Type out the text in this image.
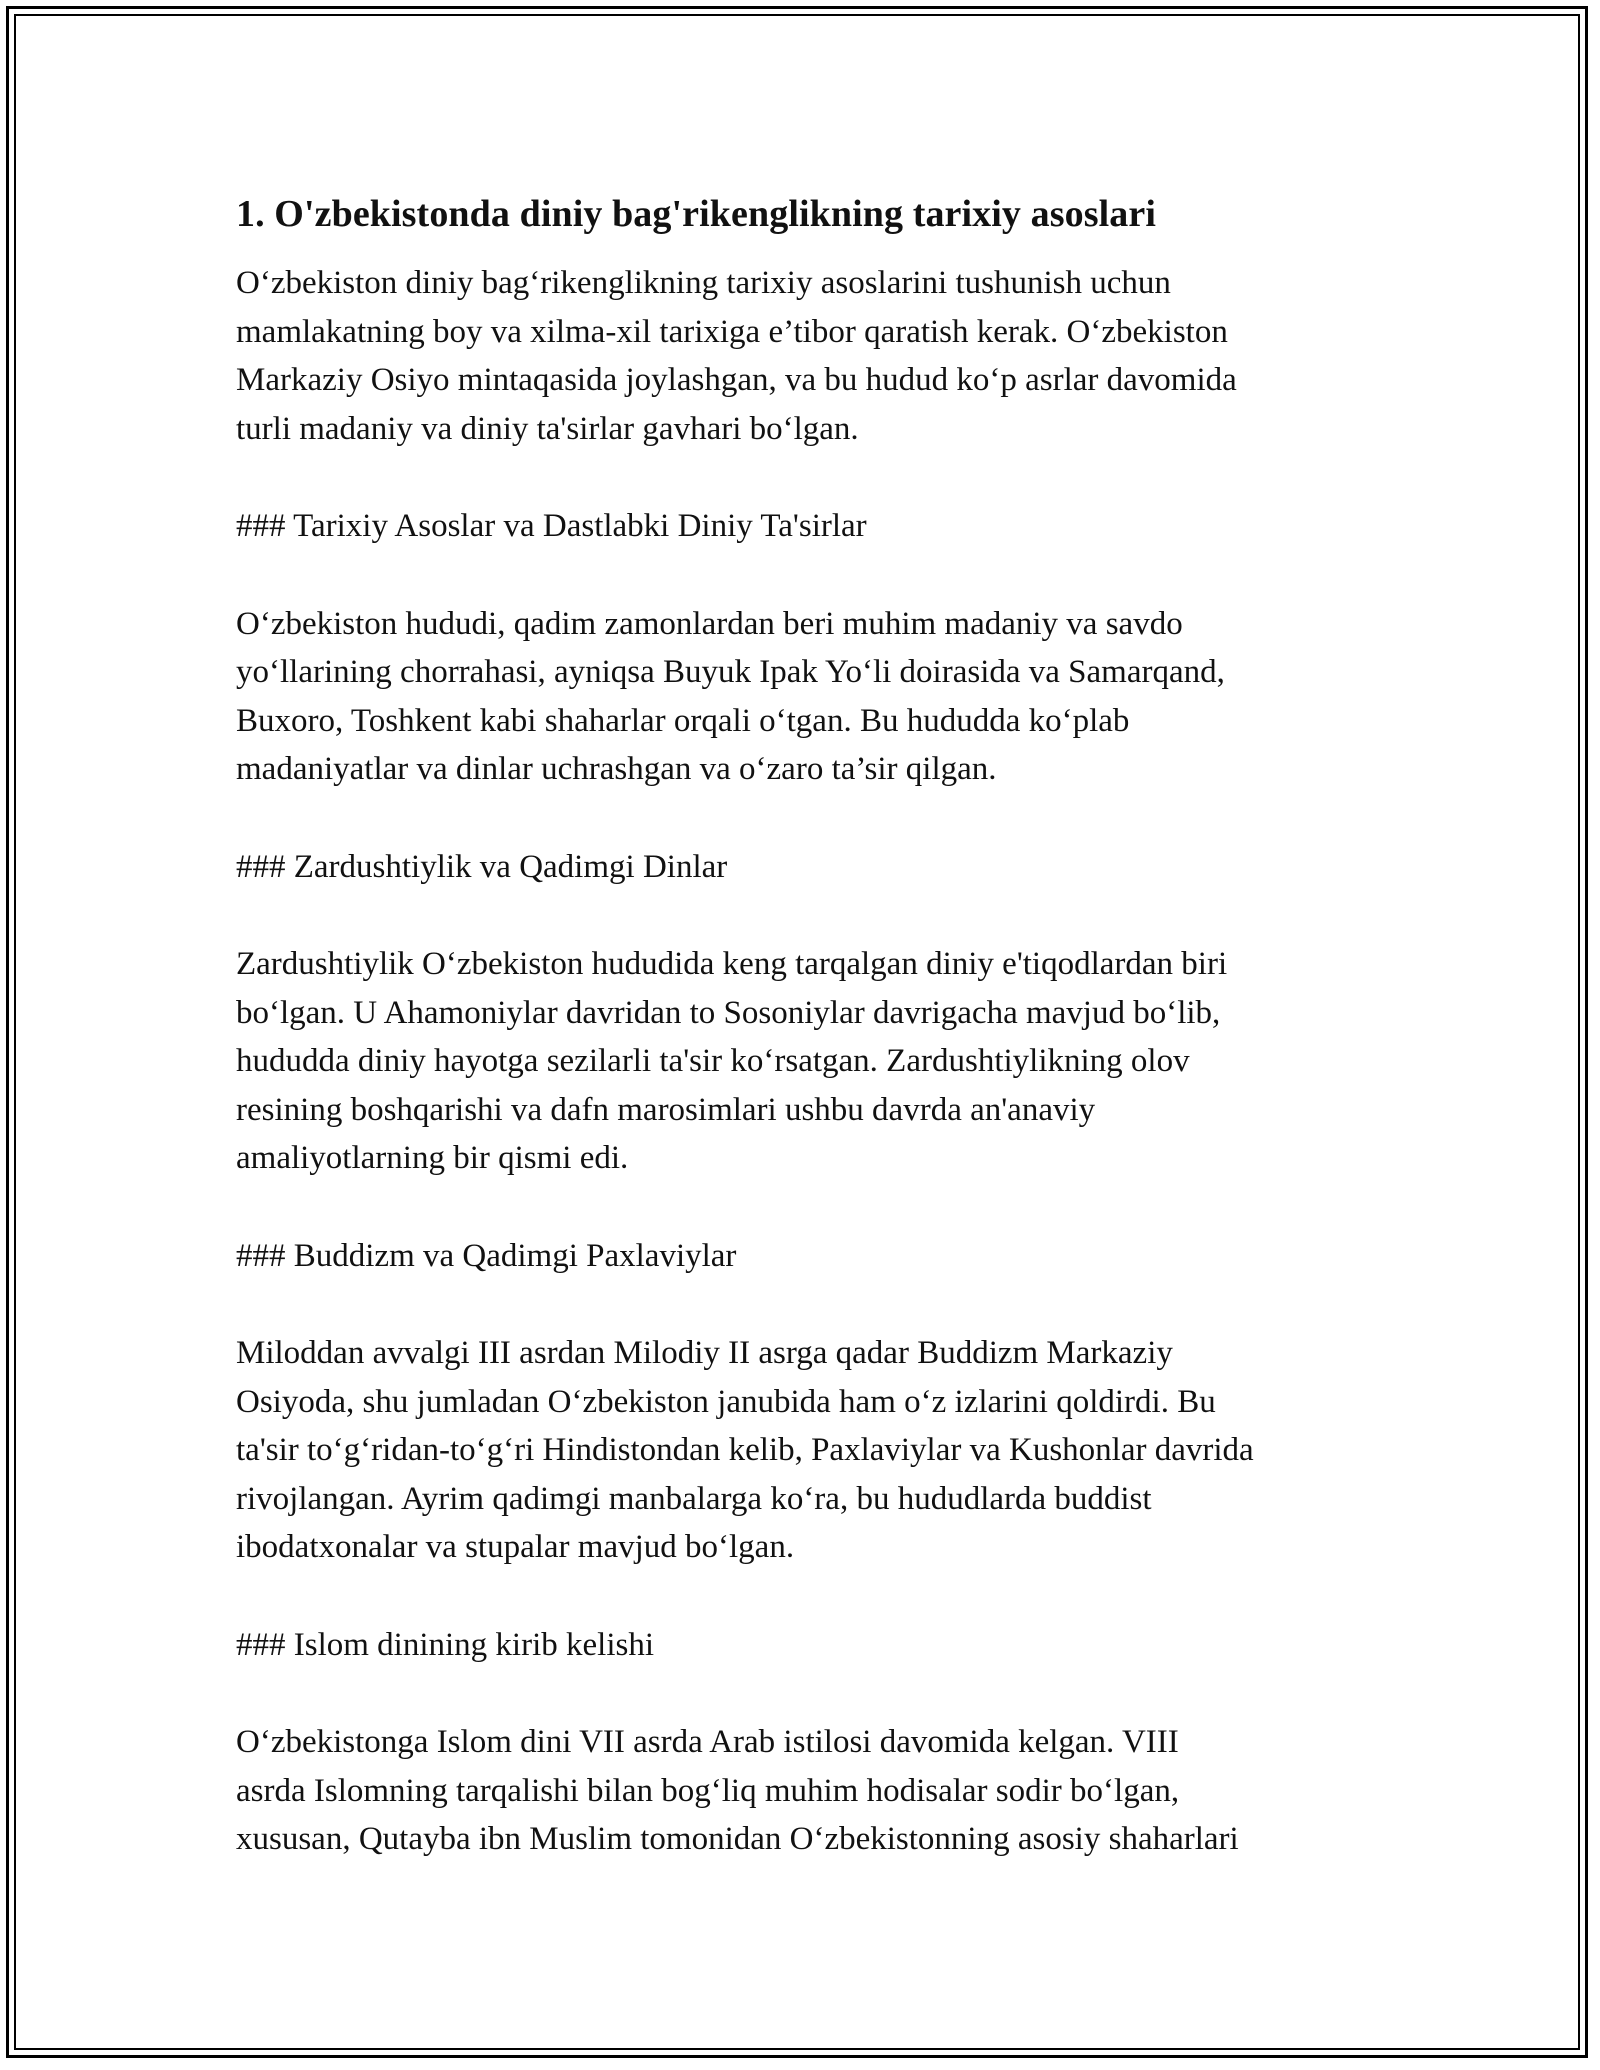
1. O'zbekistonda diniy bag'rikenglikning tarixiy asoslari

O‘zbekiston diniy bag‘rikenglikning tarixiy asoslarini tushunish uchun
mamlakatning boy va xilma-xil tarixiga e’tibor qaratish kerak. O‘zbekiston
Markaziy Osiyo mintaqasida joylashgan, va bu hudud ko‘p asrlar davomida
turli madaniy va diniy ta'sirlar gavhari bo‘lgan.

### Tarixiy Asoslar va Dastlabki Diniy Ta'sirlar

O‘zbekiston hududi, qadim zamonlardan beri muhim madaniy va savdo
yo‘llarining chorrahasi, ayniqsa Buyuk Ipak Yo‘li doirasida va Samarqand,
Buxoro, Toshkent kabi shaharlar orqali o‘tgan. Bu hududda ko‘plab
madaniyatlar va dinlar uchrashgan va o‘zaro ta’sir qilgan.

### Zardushtiylik va Qadimgi Dinlar

Zardushtiylik O‘zbekiston hududida keng tarqalgan diniy e'tiqodlardan biri
bo‘lgan. U Ahamoniylar davridan to Sosoniylar davrigacha mavjud bo‘lib,
hududda diniy hayotga sezilarli ta'sir ko‘rsatgan. Zardushtiylikning olov
resining boshqarishi va dafn marosimlari ushbu davrda an'anaviy
amaliyotlarning bir qismi edi.

### Buddizm va Qadimgi Paxlaviylar

Miloddan avvalgi III asrdan Milodiy II asrga qadar Buddizm Markaziy
Osiyoda, shu jumladan O‘zbekiston janubida ham o‘z izlarini qoldirdi. Bu
ta'sir to‘g‘ridan-to‘g‘ri Hindistondan kelib, Paxlaviylar va Kushonlar davrida
rivojlangan. Ayrim qadimgi manbalarga ko‘ra, bu hududlarda buddist
ibodatxonalar va stupalar mavjud bo‘lgan.

### Islom dinining kirib kelishi

O‘zbekistonga Islom dini VII asrda Arab istilosi davomida kelgan. VIII
asrda Islomning tarqalishi bilan bog‘liq muhim hodisalar sodir bo‘lgan,
xususan, Qutayba ibn Muslim tomonidan O‘zbekistonning asosiy shaharlari
